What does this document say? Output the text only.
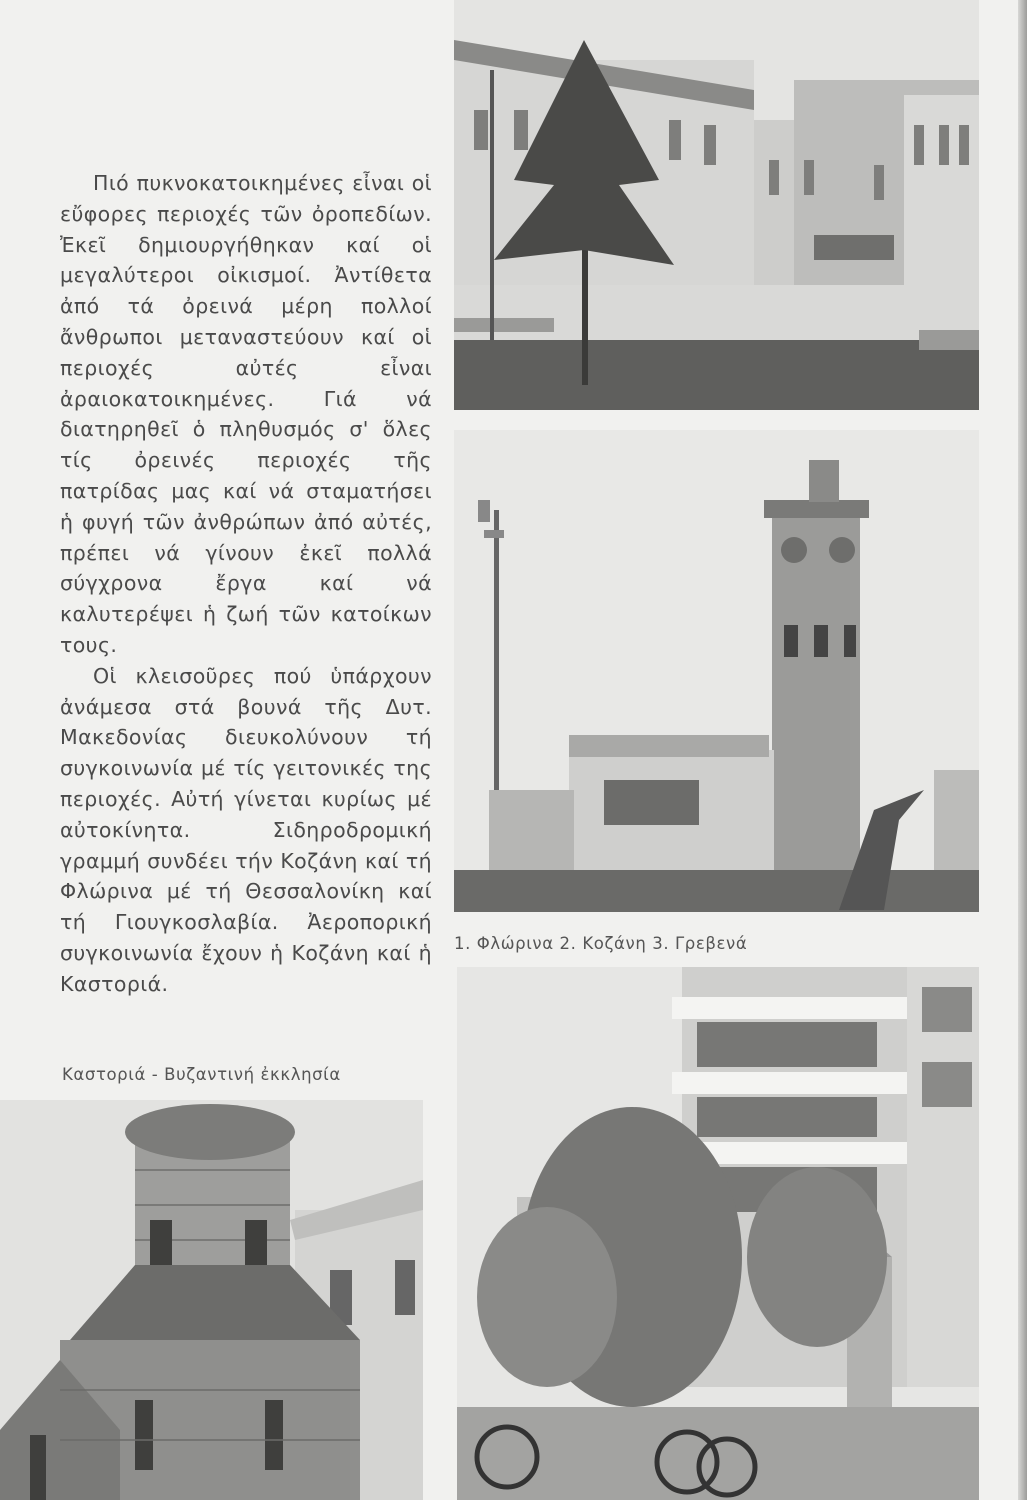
Πιό πυκνοκατοικημένες εἶναι οἱ εὔφορες περιοχές τῶν ὀροπεδίων. Ἐκεῖ δημιουργήθηκαν καί οἱ μεγαλύτεροι οἰκισμοί. Ἀντίθετα ἀπό τά ὀρεινά μέρη πολλοί ἄνθρωποι μεταναστεύουν καί οἱ περιοχές αὐτές εἶναι ἀραιοκατοικημένες. Γιά νά διατηρηθεῖ ὁ πληθυσμός σ' ὅλες τίς ὀρεινές περιοχές τῆς πατρίδας μας καί νά σταματήσει ἡ φυγή τῶν ἀνθρώπων ἀπό αὐτές, πρέπει νά γίνουν ἐκεῖ πολλά σύγχρονα ἔργα καί νά καλυτερέψει ἡ ζωή τῶν κατοίκων τους.

Οἱ κλεισοῦρες πού ὑπάρχουν ἀνάμεσα στά βουνά τῆς Δυτ. Μακεδονίας διευκολύνουν τή συγκοινωνία μέ τίς γειτονικές της περιοχές. Αὐτή γίνεται κυρίως μέ αὐτοκίνητα. Σιδηροδρομική γραμμή συνδέει τήν Κοζάνη καί τή Φλώρινα μέ τή Θεσσαλονίκη καί τή Γιουγκοσλαβία. Ἀεροπορική συγκοινωνία ἔχουν ἡ Κοζάνη καί ἡ Καστοριά.

1. Φλώρινα 2. Κοζάνη 3. Γρεβενά
Καστοριά - Βυζαντινή ἐκκλησία
